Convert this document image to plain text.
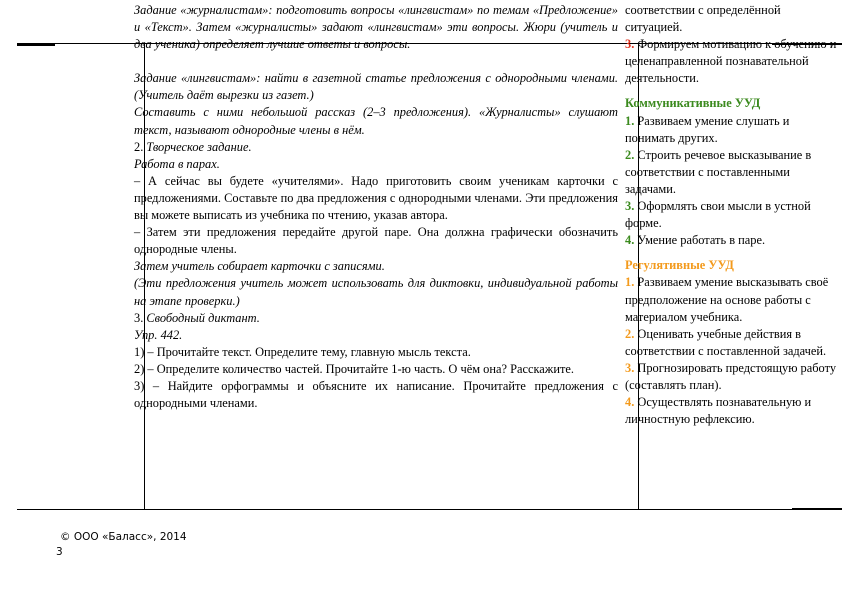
Задание «журналистам»: подготовить вопросы «лингвистам» по темам «Предложение» и «Текст». Затем «журналисты» задают «лингвистам» эти вопросы. Жюри (учитель и два ученика) определяет лучшие ответы и вопросы.

Задание «лингвистам»: найти в газетной статье предложения с однородными членами. (Учитель даёт вырезки из газет.)

Составить с ними небольшой рассказ (2–3 предложения). «Журналисты» слушают текст, называют однородные члены в нём.

2. Творческое задание.

Работа в парах.

– А сейчас вы будете «учителями». Надо приготовить своим ученикам карточки с предложениями. Составьте по два предложения с однородными членами. Эти предложения вы можете выписать из учебника по чтению, указав автора.

– Затем эти предложения передайте другой паре. Она должна графически обозначить однородные члены.

Затем учитель собирает карточки с записями.

(Эти предложения учитель может использовать для диктовки, индивидуальной работы на этапе проверки.)

3. Свободный диктант.

Упр. 442.

1) – Прочитайте текст. Определите тему, главную мысль текста.

2) – Определите количество частей. Прочитайте 1-ю часть. О чём она? Расскажите.

3) – Найдите орфограммы и объясните их написание. Прочитайте предложения с однородными членами.

соответствии с определённой ситуацией.

3. Формируем мотивацию к обучению и целенаправленной познавательной деятельности.

Коммуникативные УУД

1. Развиваем умение слушать и понимать других.

2. Строить речевое высказывание в соответствии с поставленными задачами.

3. Оформлять свои мысли в устной форме.

4. Умение работать в паре.

Регулятивные УУД

1. Развиваем умение высказывать своё предположение на основе работы с материалом учебника.

2. Оценивать учебные действия в соответствии с поставленной задачей.

3. Прогнозировать предстоящую работу (составлять план).

4. Осуществлять познавательную и личностную рефлексию.

© ООО «Баласс», 2014
3
